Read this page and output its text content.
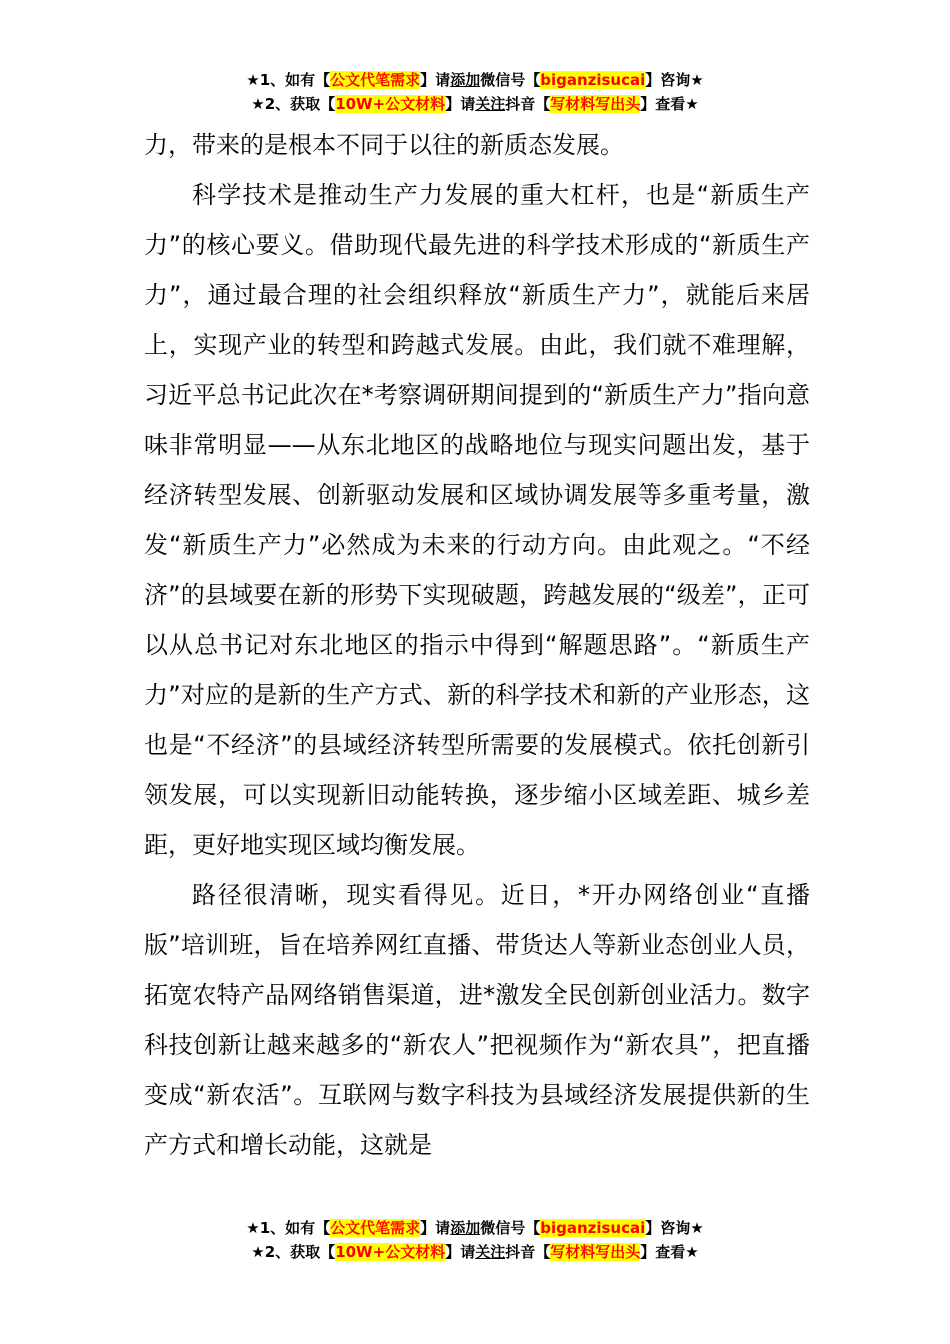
★1、如有【公文代笔需求】请添加微信号【biganzisucai】咨询★
★2、获取【10W+公文材料】请关注抖音【写材料写出头】查看★

力，带来的是根本不同于以往的新质态发展。

科学技术是推动生产力发展的重大杠杆，也是“新质生产力”的核心要义。借助现代最先进的科学技术形成的“新质生产力”，通过最合理的社会组织释放“新质生产力”，就能后来居上，实现产业的转型和跨越式发展。由此，我们就不难理解，习近平总书记此次在*考察调研期间提到的“新质生产力”指向意味非常明显——从东北地区的战略地位与现实问题出发，基于经济转型发展、创新驱动发展和区域协调发展等多重考量，激发“新质生产力”必然成为未来的行动方向。由此观之。“不经济”的县域要在新的形势下实现破题，跨越发展的“级差”，正可以从总书记对东北地区的指示中得到“解题思路”。“新质生产力”对应的是新的生产方式、新的科学技术和新的产业形态，这也是“不经济”的县域经济转型所需要的发展模式。依托创新引领发展，可以实现新旧动能转换，逐步缩小区域差距、城乡差距，更好地实现区域均衡发展。

路径很清晰，现实看得见。近日，*开办网络创业“直播版”培训班，旨在培养网红直播、带货达人等新业态创业人员，拓宽农特产品网络销售渠道，进*激发全民创新创业活力。数字科技创新让越来越多的“新农人”把视频作为“新农具”，把直播变成“新农活”。互联网与数字科技为县域经济发展提供新的生产方式和增长动能，这就是

★1、如有【公文代笔需求】请添加微信号【biganzisucai】咨询★
★2、获取【10W+公文材料】请关注抖音【写材料写出头】查看★
